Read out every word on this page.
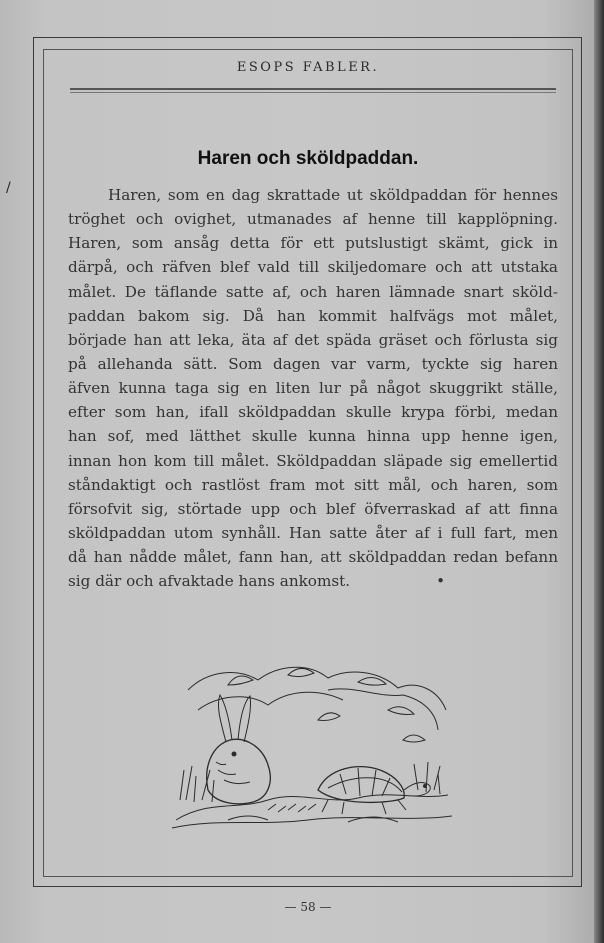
/
ESOPS FABLER.
Haren och sköldpaddan.
Haren, som en dag skrattade ut sköldpaddan för hennes
tröghet och ovighet, utmanades af henne till kapplöpning.
Haren, som ansåg detta för ett putslustigt skämt, gick in
därpå, och räfven blef vald till skiljedomare och att utstaka
målet. De täflande satte af, och haren lämnade snart sköld-
paddan bakom sig. Då han kommit halfvägs mot målet,
började han att leka, äta af det späda gräset och förlusta sig
på allehanda sätt. Som dagen var varm, tyckte sig haren
äfven kunna taga sig en liten lur på något skuggrikt ställe,
efter som han, ifall sköldpaddan skulle krypa förbi, medan
han sof, med lätthet skulle kunna hinna upp henne igen,
innan hon kom till målet. Sköldpaddan släpade sig emellertid
ståndaktigt och rastlöst fram mot sitt mål, och haren, som
försofvit sig, störtade upp och blef öfverraskad af att finna
sköldpaddan utom synhåll. Han satte åter af i full fart, men
då han nådde målet, fann han, att sköldpaddan redan befann
sig där och afvaktade hans ankomst.	•
— 58 —
